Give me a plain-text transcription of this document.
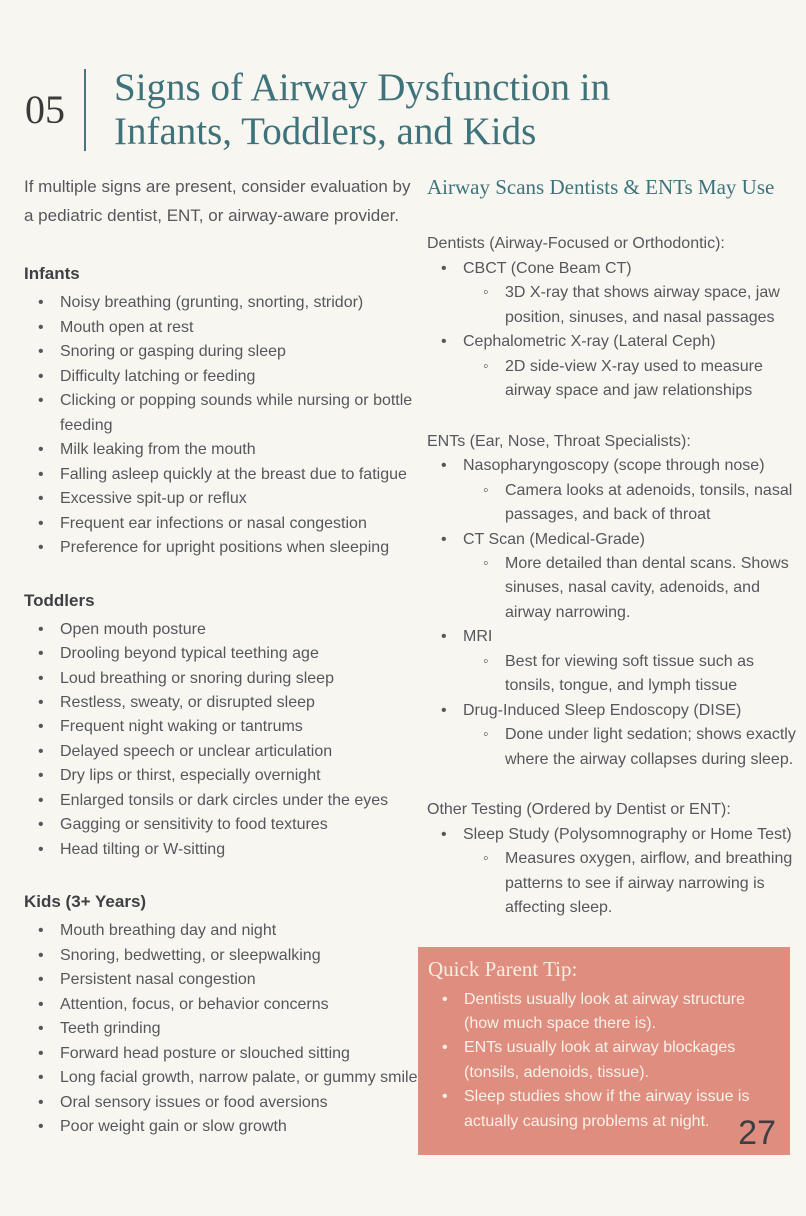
05	Signs of Airway Dysfunction in
Infants, Toddlers, and Kids

If multiple signs are present, consider evaluation by a pediatric dentist, ENT, or airway-aware provider.

Infants
• Noisy breathing (grunting, snorting, stridor)
• Mouth open at rest
• Snoring or gasping during sleep
• Difficulty latching or feeding
• Clicking or popping sounds while nursing or bottle feeding
• Milk leaking from the mouth
• Falling asleep quickly at the breast due to fatigue
• Excessive spit-up or reflux
• Frequent ear infections or nasal congestion
• Preference for upright positions when sleeping
Toddlers
• Open mouth posture
• Drooling beyond typical teething age
• Loud breathing or snoring during sleep
• Restless, sweaty, or disrupted sleep
• Frequent night waking or tantrums
• Delayed speech or unclear articulation
• Dry lips or thirst, especially overnight
• Enlarged tonsils or dark circles under the eyes
• Gagging or sensitivity to food textures
• Head tilting or W-sitting
Kids (3+ Years)
• Mouth breathing day and night
• Snoring, bedwetting, or sleepwalking
• Persistent nasal congestion
• Attention, focus, or behavior concerns
• Teeth grinding
• Forward head posture or slouched sitting
• Long facial growth, narrow palate, or gummy smile
• Oral sensory issues or food aversions
• Poor weight gain or slow growth
Airway Scans Dentists & ENTs May Use

Dentists (Airway-Focused or Orthodontic):

• CBCT (Cone Beam CT)
◦ 3D X-ray that shows airway space, jaw position, sinuses, and nasal passages
• Cephalometric X-ray (Lateral Ceph)
◦ 2D side-view X-ray used to measure airway space and jaw relationships

ENTs (Ear, Nose, Throat Specialists):

• Nasopharyngoscopy (scope through nose)
◦ Camera looks at adenoids, tonsils, nasal passages, and back of throat
• CT Scan (Medical-Grade)
◦ More detailed than dental scans. Shows sinuses, nasal cavity, adenoids, and airway narrowing.
• MRI
◦ Best for viewing soft tissue such as tonsils, tongue, and lymph tissue
• Drug-Induced Sleep Endoscopy (DISE)
◦ Done under light sedation; shows exactly where the airway collapses during sleep.

Other Testing (Ordered by Dentist or ENT):

• Sleep Study (Polysomnography or Home Test)
◦ Measures oxygen, airflow, and breathing patterns to see if airway narrowing is affecting sleep.
Quick Parent Tip:
• Dentists usually look at airway structure (how much space there is).
• ENTs usually look at airway blockages (tonsils, adenoids, tissue).
• Sleep studies show if the airway issue is actually causing problems at night. 27
